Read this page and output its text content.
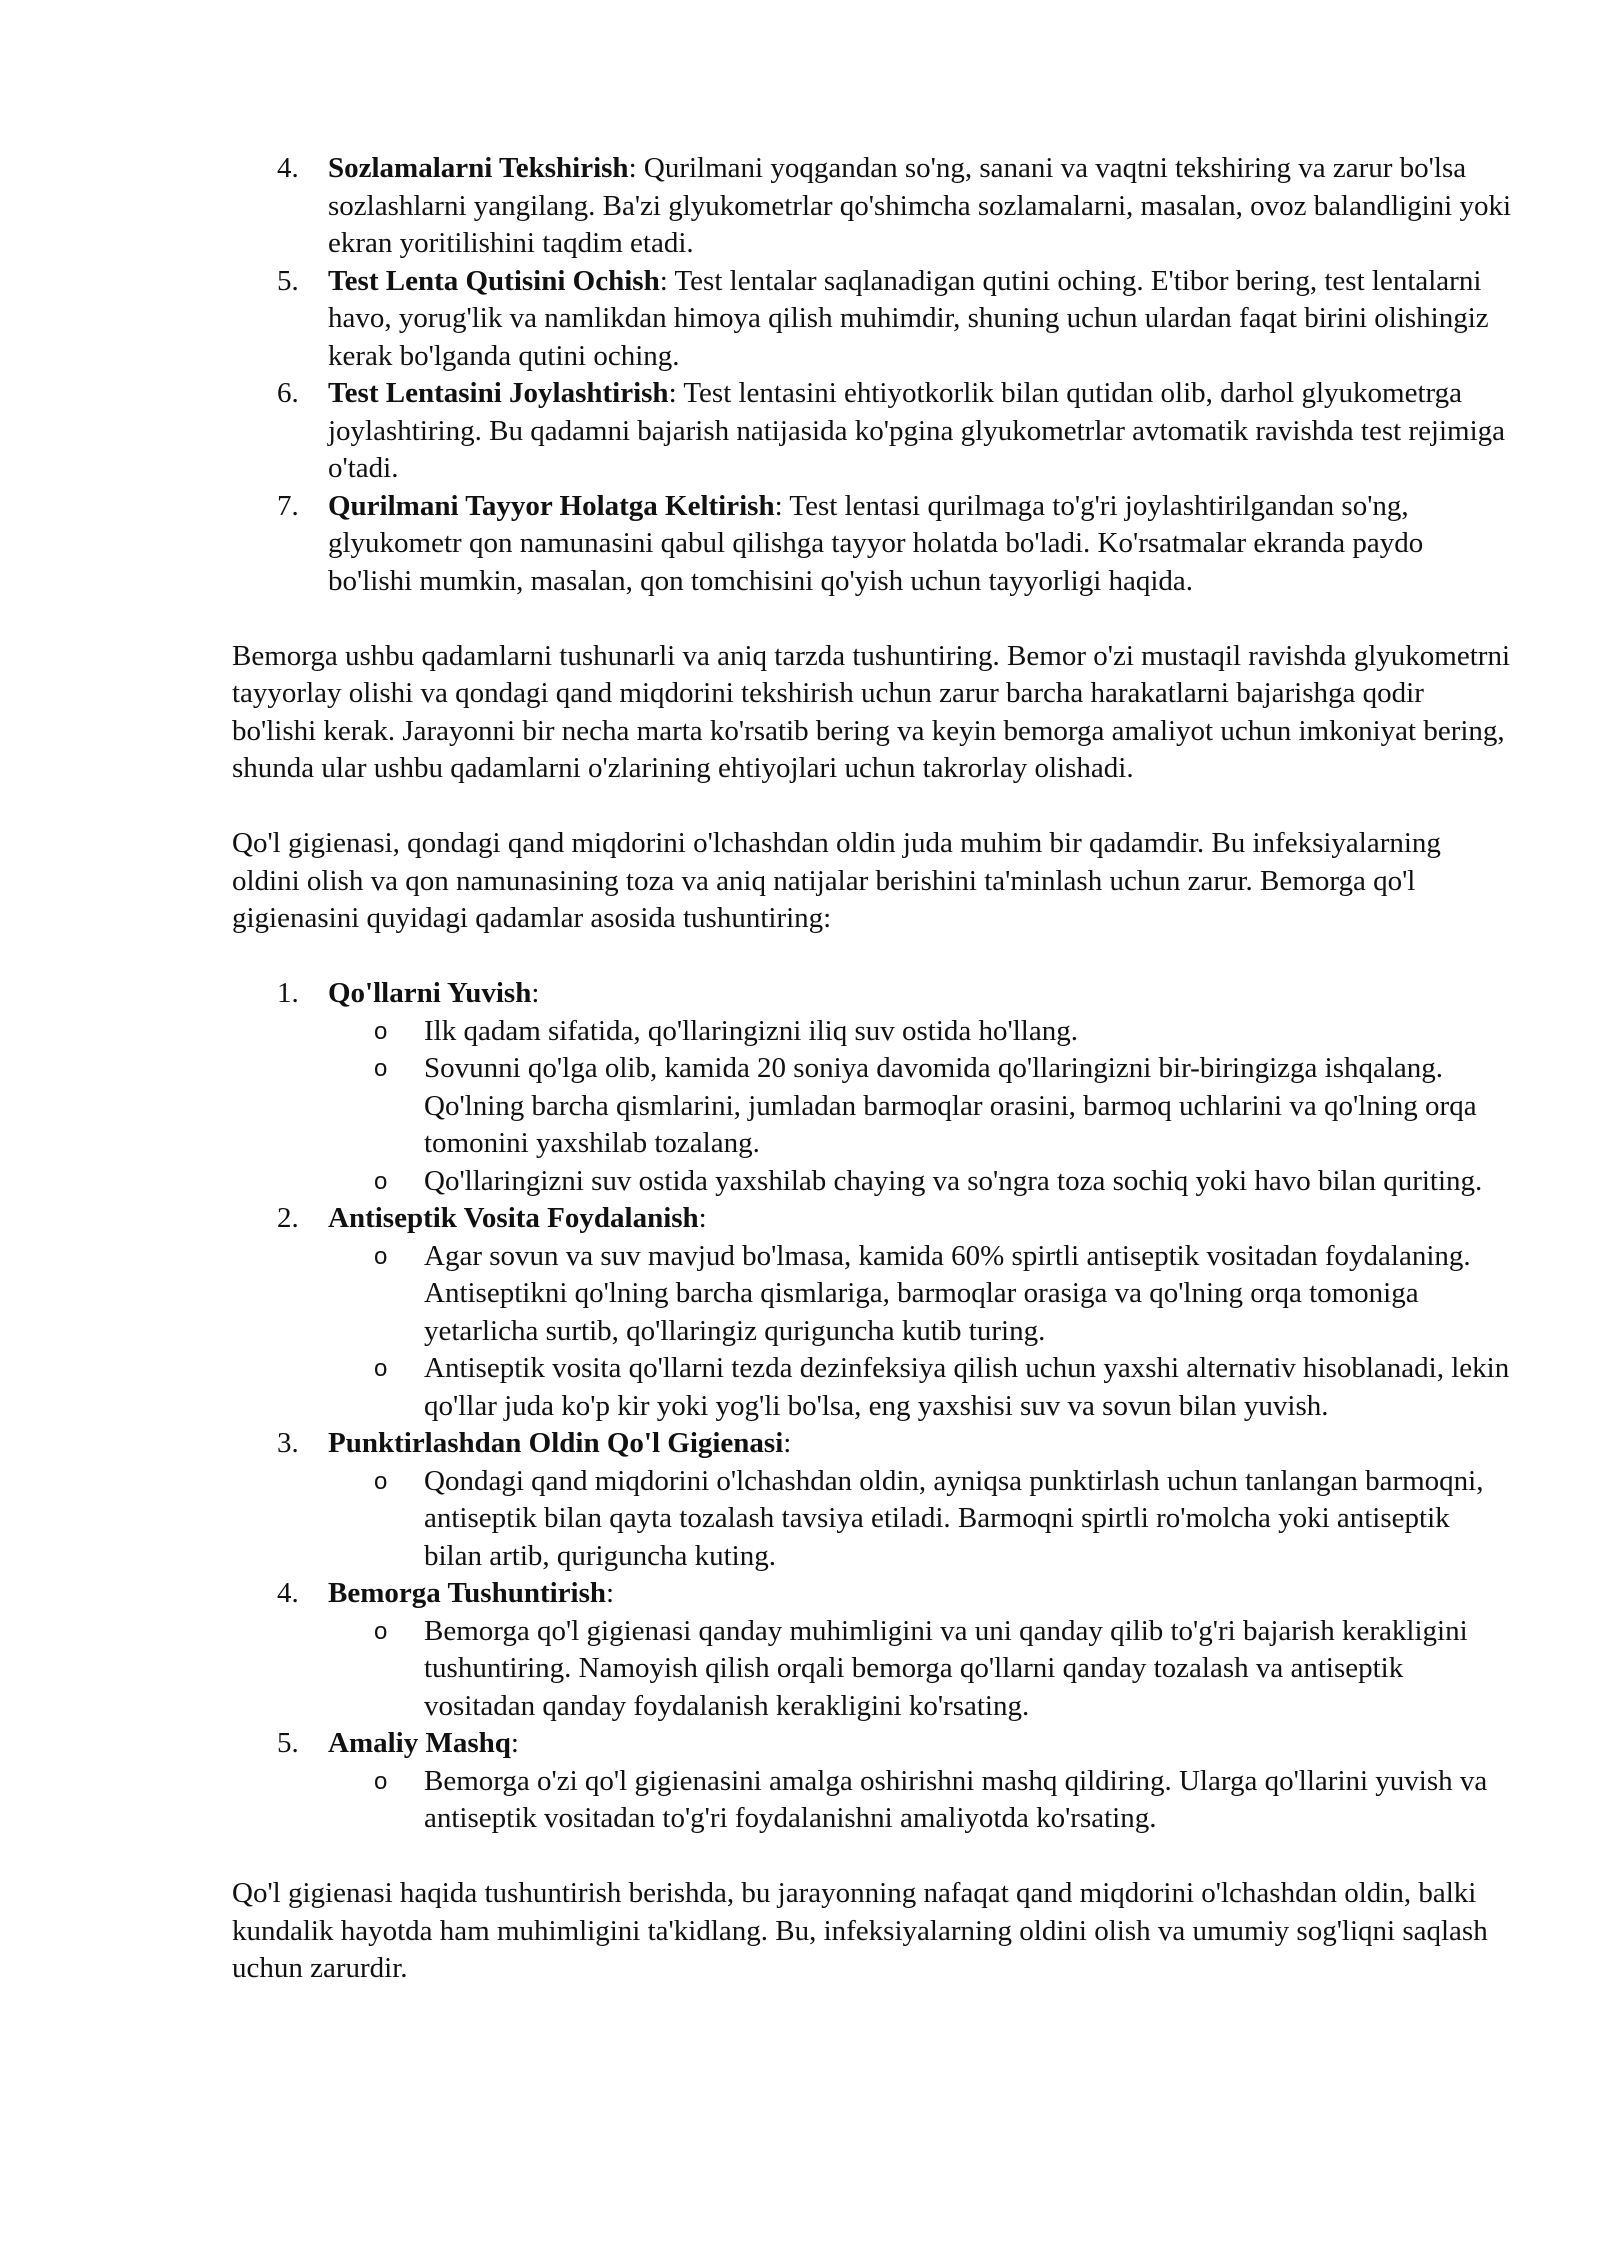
4. Sozlamalarni Tekshirish: Qurilmani yoqgandan so'ng, sanani va vaqtni tekshiring va zarur bo'lsa sozlashlarni yangilang. Ba'zi glyukometrlar qo'shimcha sozlamalarni, masalan, ovoz balandligini yoki ekran yoritilishini taqdim etadi.
5. Test Lenta Qutisini Ochish: Test lentalar saqlanadigan qutini oching. E'tibor bering, test lentalarni havo, yorug'lik va namlikdan himoya qilish muhimdir, shuning uchun ulardan faqat birini olishingiz kerak bo'lganda qutini oching.
6. Test Lentasini Joylashtirish: Test lentasini ehtiyotkorlik bilan qutidan olib, darhol glyukometrga joylashtiring. Bu qadamni bajarish natijasida ko'pgina glyukometrlar avtomatik ravishda test rejimiga o'tadi.
7. Qurilmani Tayyor Holatga Keltirish: Test lentasi qurilmaga to'g'ri joylashtirilgandan so'ng, glyukometr qon namunasini qabul qilishga tayyor holatda bo'ladi. Ko'rsatmalar ekranda paydo bo'lishi mumkin, masalan, qon tomchisini qo'yish uchun tayyorligi haqida.

Bemorga ushbu qadamlarni tushunarli va aniq tarzda tushuntiring. Bemor o'zi mustaqil ravishda glyukometrni tayyorlay olishi va qondagi qand miqdorini tekshirish uchun zarur barcha harakatlarni bajarishga qodir bo'lishi kerak. Jarayonni bir necha marta ko'rsatib bering va keyin bemorga amaliyot uchun imkoniyat bering, shunda ular ushbu qadamlarni o'zlarining ehtiyojlari uchun takrorlay olishadi.

Qo'l gigienasi, qondagi qand miqdorini o'lchashdan oldin juda muhim bir qadamdir. Bu infeksiyalarning oldini olish va qon namunasining toza va aniq natijalar berishini ta'minlash uchun zarur. Bemorga qo'l gigienasini quyidagi qadamlar asosida tushuntiring:

1. Qo'llarni Yuvish:
o Ilk qadam sifatida, qo'llaringizni iliq suv ostida ho'llang.
o Sovunni qo'lga olib, kamida 20 soniya davomida qo'llaringizni bir-biringizga ishqalang. Qo'lning barcha qismlarini, jumladan barmoqlar orasini, barmoq uchlarini va qo'lning orqa tomonini yaxshilab tozalang.
o Qo'llaringizni suv ostida yaxshilab chaying va so'ngra toza sochiq yoki havo bilan quriting.
2. Antiseptik Vosita Foydalanish:
o Agar sovun va suv mavjud bo'lmasa, kamida 60% spirtli antiseptik vositadan foydalaning. Antiseptikni qo'lning barcha qismlariga, barmoqlar orasiga va qo'lning orqa tomoniga yetarlicha surtib, qo'llaringiz quriguncha kutib turing.
o Antiseptik vosita qo'llarni tezda dezinfeksiya qilish uchun yaxshi alternativ hisoblanadi, lekin qo'llar juda ko'p kir yoki yog'li bo'lsa, eng yaxshisi suv va sovun bilan yuvish.
3. Punktirlashdan Oldin Qo'l Gigienasi:
o Qondagi qand miqdorini o'lchashdan oldin, ayniqsa punktirlash uchun tanlangan barmoqni, antiseptik bilan qayta tozalash tavsiya etiladi. Barmoqni spirtli ro'molcha yoki antiseptik bilan artib, quriguncha kuting.
4. Bemorga Tushuntirish:
o Bemorga qo'l gigienasi qanday muhimligini va uni qanday qilib to'g'ri bajarish kerakligini tushuntiring. Namoyish qilish orqali bemorga qo'llarni qanday tozalash va antiseptik vositadan qanday foydalanish kerakligini ko'rsating.
5. Amaliy Mashq:
o Bemorga o'zi qo'l gigienasini amalga oshirishni mashq qildiring. Ularga qo'llarini yuvish va antiseptik vositadan to'g'ri foydalanishni amaliyotda ko'rsating.

Qo'l gigienasi haqida tushuntirish berishda, bu jarayonning nafaqat qand miqdorini o'lchashdan oldin, balki kundalik hayotda ham muhimligini ta'kidlang. Bu, infeksiyalarning oldini olish va umumiy sog'liqni saqlash uchun zarurdir.
